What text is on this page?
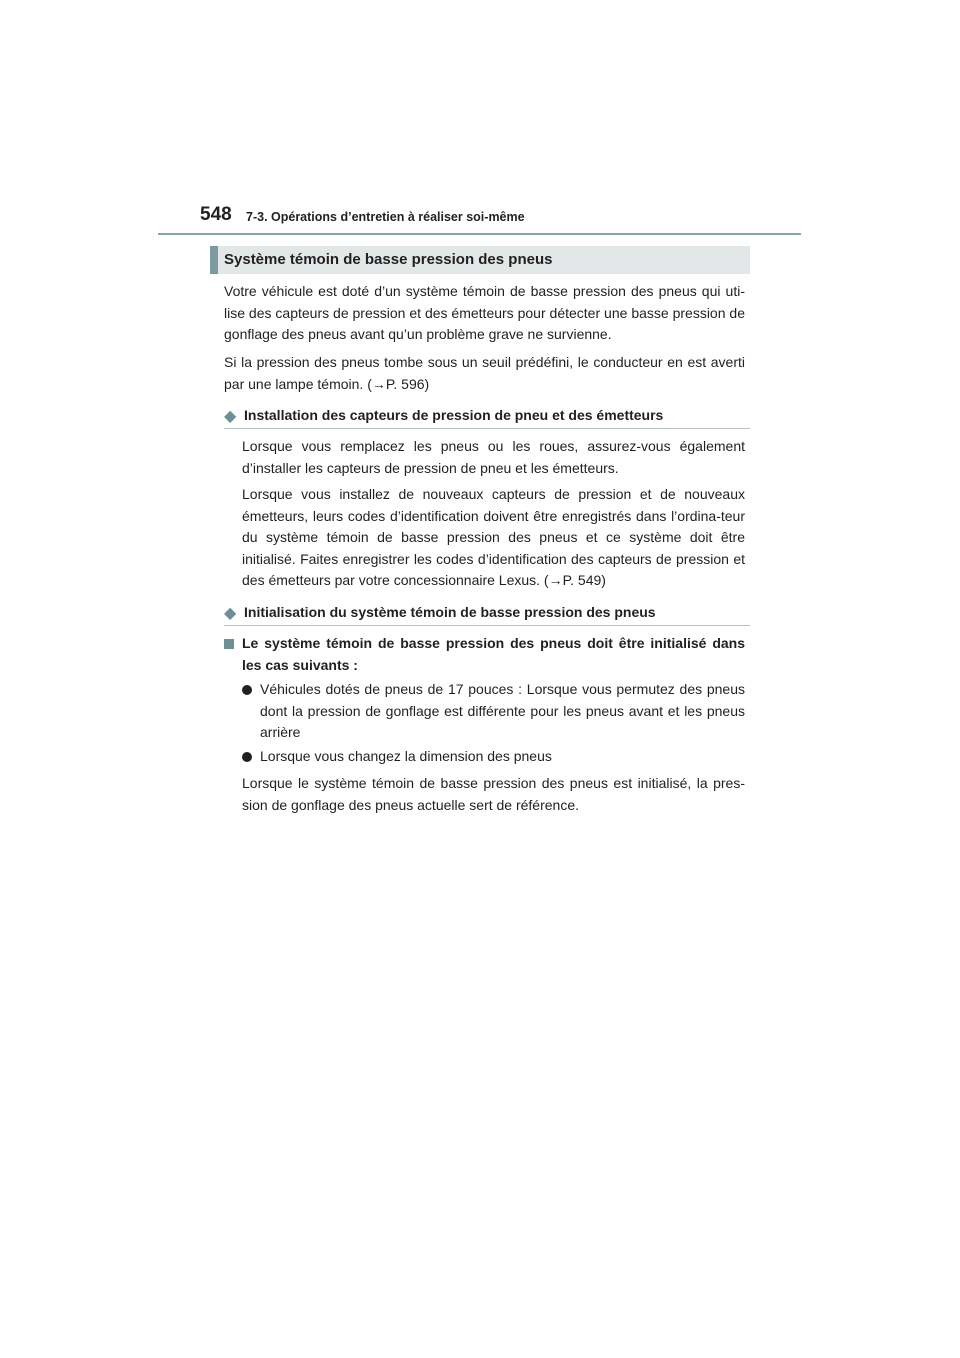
548 7-3. Opérations d’entretien à réaliser soi-même
Système témoin de basse pression des pneus
Votre véhicule est doté d’un système témoin de basse pression des pneus qui uti-lise des capteurs de pression et des émetteurs pour détecter une basse pression de gonflage des pneus avant qu’un problème grave ne survienne.
Si la pression des pneus tombe sous un seuil prédéfini, le conducteur en est averti par une lampe témoin. (→P. 596)
◆ Installation des capteurs de pression de pneu et des émetteurs
Lorsque vous remplacez les pneus ou les roues, assurez-vous également d’installer les capteurs de pression de pneu et les émetteurs.
Lorsque vous installez de nouveaux capteurs de pression et de nouveaux émetteurs, leurs codes d’identification doivent être enregistrés dans l’ordina-teur du système témoin de basse pression des pneus et ce système doit être initialisé. Faites enregistrer les codes d’identification des capteurs de pression et des émetteurs par votre concessionnaire Lexus. (→P. 549)
◆ Initialisation du système témoin de basse pression des pneus
Le système témoin de basse pression des pneus doit être initialisé dans les cas suivants :
Véhicules dotés de pneus de 17 pouces : Lorsque vous permutez des pneus dont la pression de gonflage est différente pour les pneus avant et les pneus arrière
Lorsque vous changez la dimension des pneus
Lorsque le système témoin de basse pression des pneus est initialisé, la pres-sion de gonflage des pneus actuelle sert de référence.
